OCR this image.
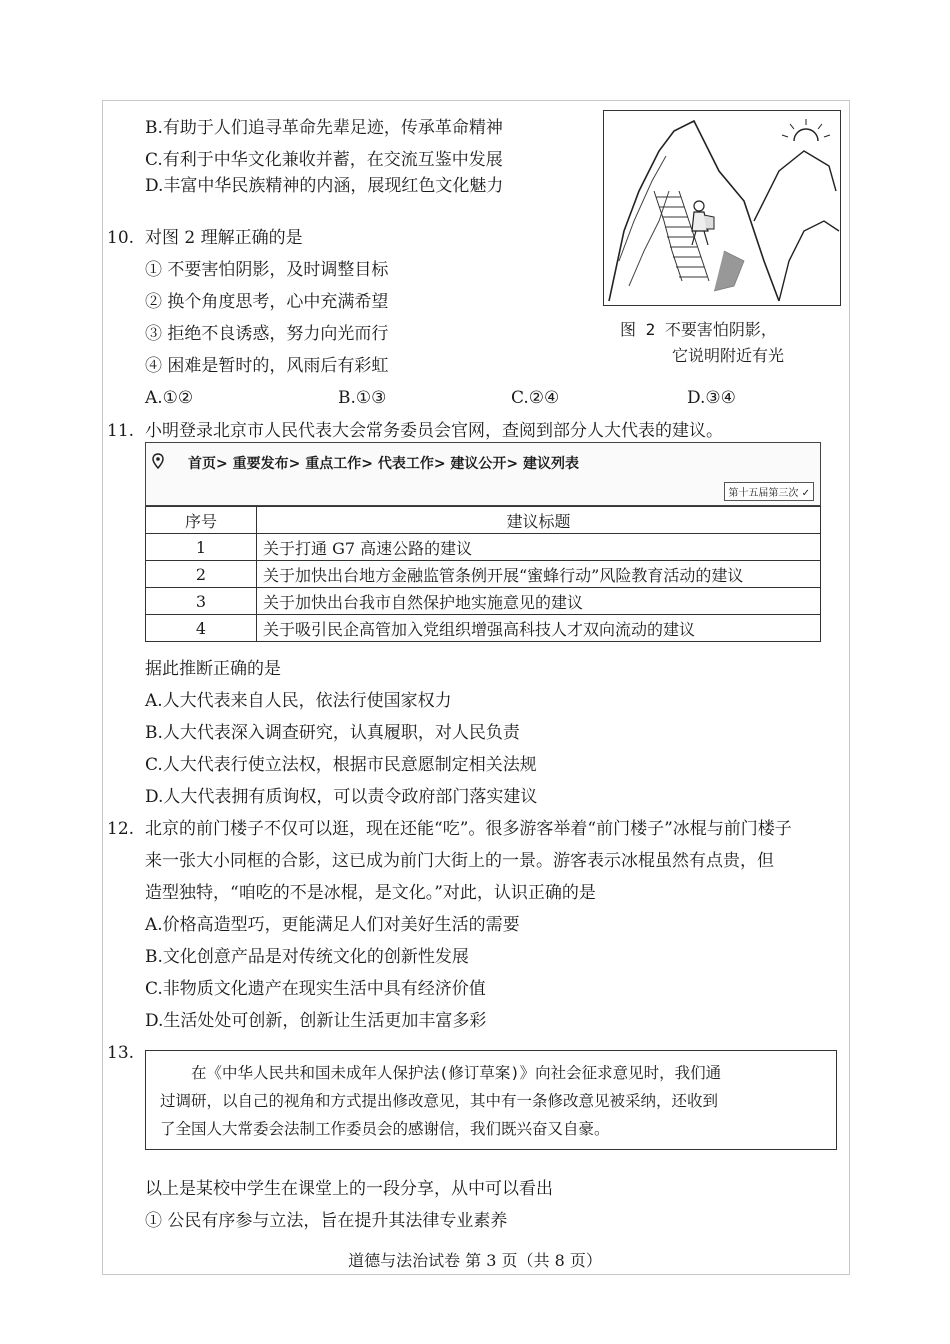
B.有助于人们追寻革命先辈足迹，传承革命精神
C.有利于中华文化兼收并蓄，在交流互鉴中发展
D.丰富中华民族精神的内涵，展现红色文化魅力
图 2 不要害怕阴影，
它说明附近有光
10. 对图 2 理解正确的是
① 不要害怕阴影，及时调整目标
② 换个角度思考，心中充满希望
③ 拒绝不良诱惑，努力向光而行
④ 困难是暂时的，风雨后有彩虹
A.①②	B.①③	C.②④	D.③④
11. 小明登录北京市人民代表大会常务委员会官网，查阅到部分人大代表的建议。
首页> 重要发布> 重点工作> 代表工作> 建议公开> 建议列表
第十五届第三次 ✓
序号	建议标题
1	关于打通 G7 高速公路的建议
2	关于加快出台地方金融监管条例开展“蜜蜂行动”风险教育活动的建议
3	关于加快出台我市自然保护地实施意见的建议
4	关于吸引民企高管加入党组织增强高科技人才双向流动的建议
据此推断正确的是
A.人大代表来自人民，依法行使国家权力
B.人大代表深入调查研究，认真履职，对人民负责
C.人大代表行使立法权，根据市民意愿制定相关法规
D.人大代表拥有质询权，可以责令政府部门落实建议
12. 北京的前门楼子不仅可以逛，现在还能“吃”。很多游客举着“前门楼子”冰棍与前门楼子
来一张大小同框的合影，这已成为前门大街上的一景。游客表示冰棍虽然有点贵，但
造型独特，“咱吃的不是冰棍，是文化。”对此，认识正确的是
A.价格高造型巧，更能满足人们对美好生活的需要
B.文化创意产品是对传统文化的创新性发展
C.非物质文化遗产在现实生活中具有经济价值
D.生活处处可创新，创新让生活更加丰富多彩
13.
　　在《中华人民共和国未成年人保护法(修订草案)》向社会征求意见时，我们通
过调研，以自己的视角和方式提出修改意见，其中有一条修改意见被采纳，还收到
了全国人大常委会法制工作委员会的感谢信，我们既兴奋又自豪。
以上是某校中学生在课堂上的一段分享，从中可以看出
① 公民有序参与立法，旨在提升其法律专业素养
道德与法治试卷 第 3 页（共 8 页）
